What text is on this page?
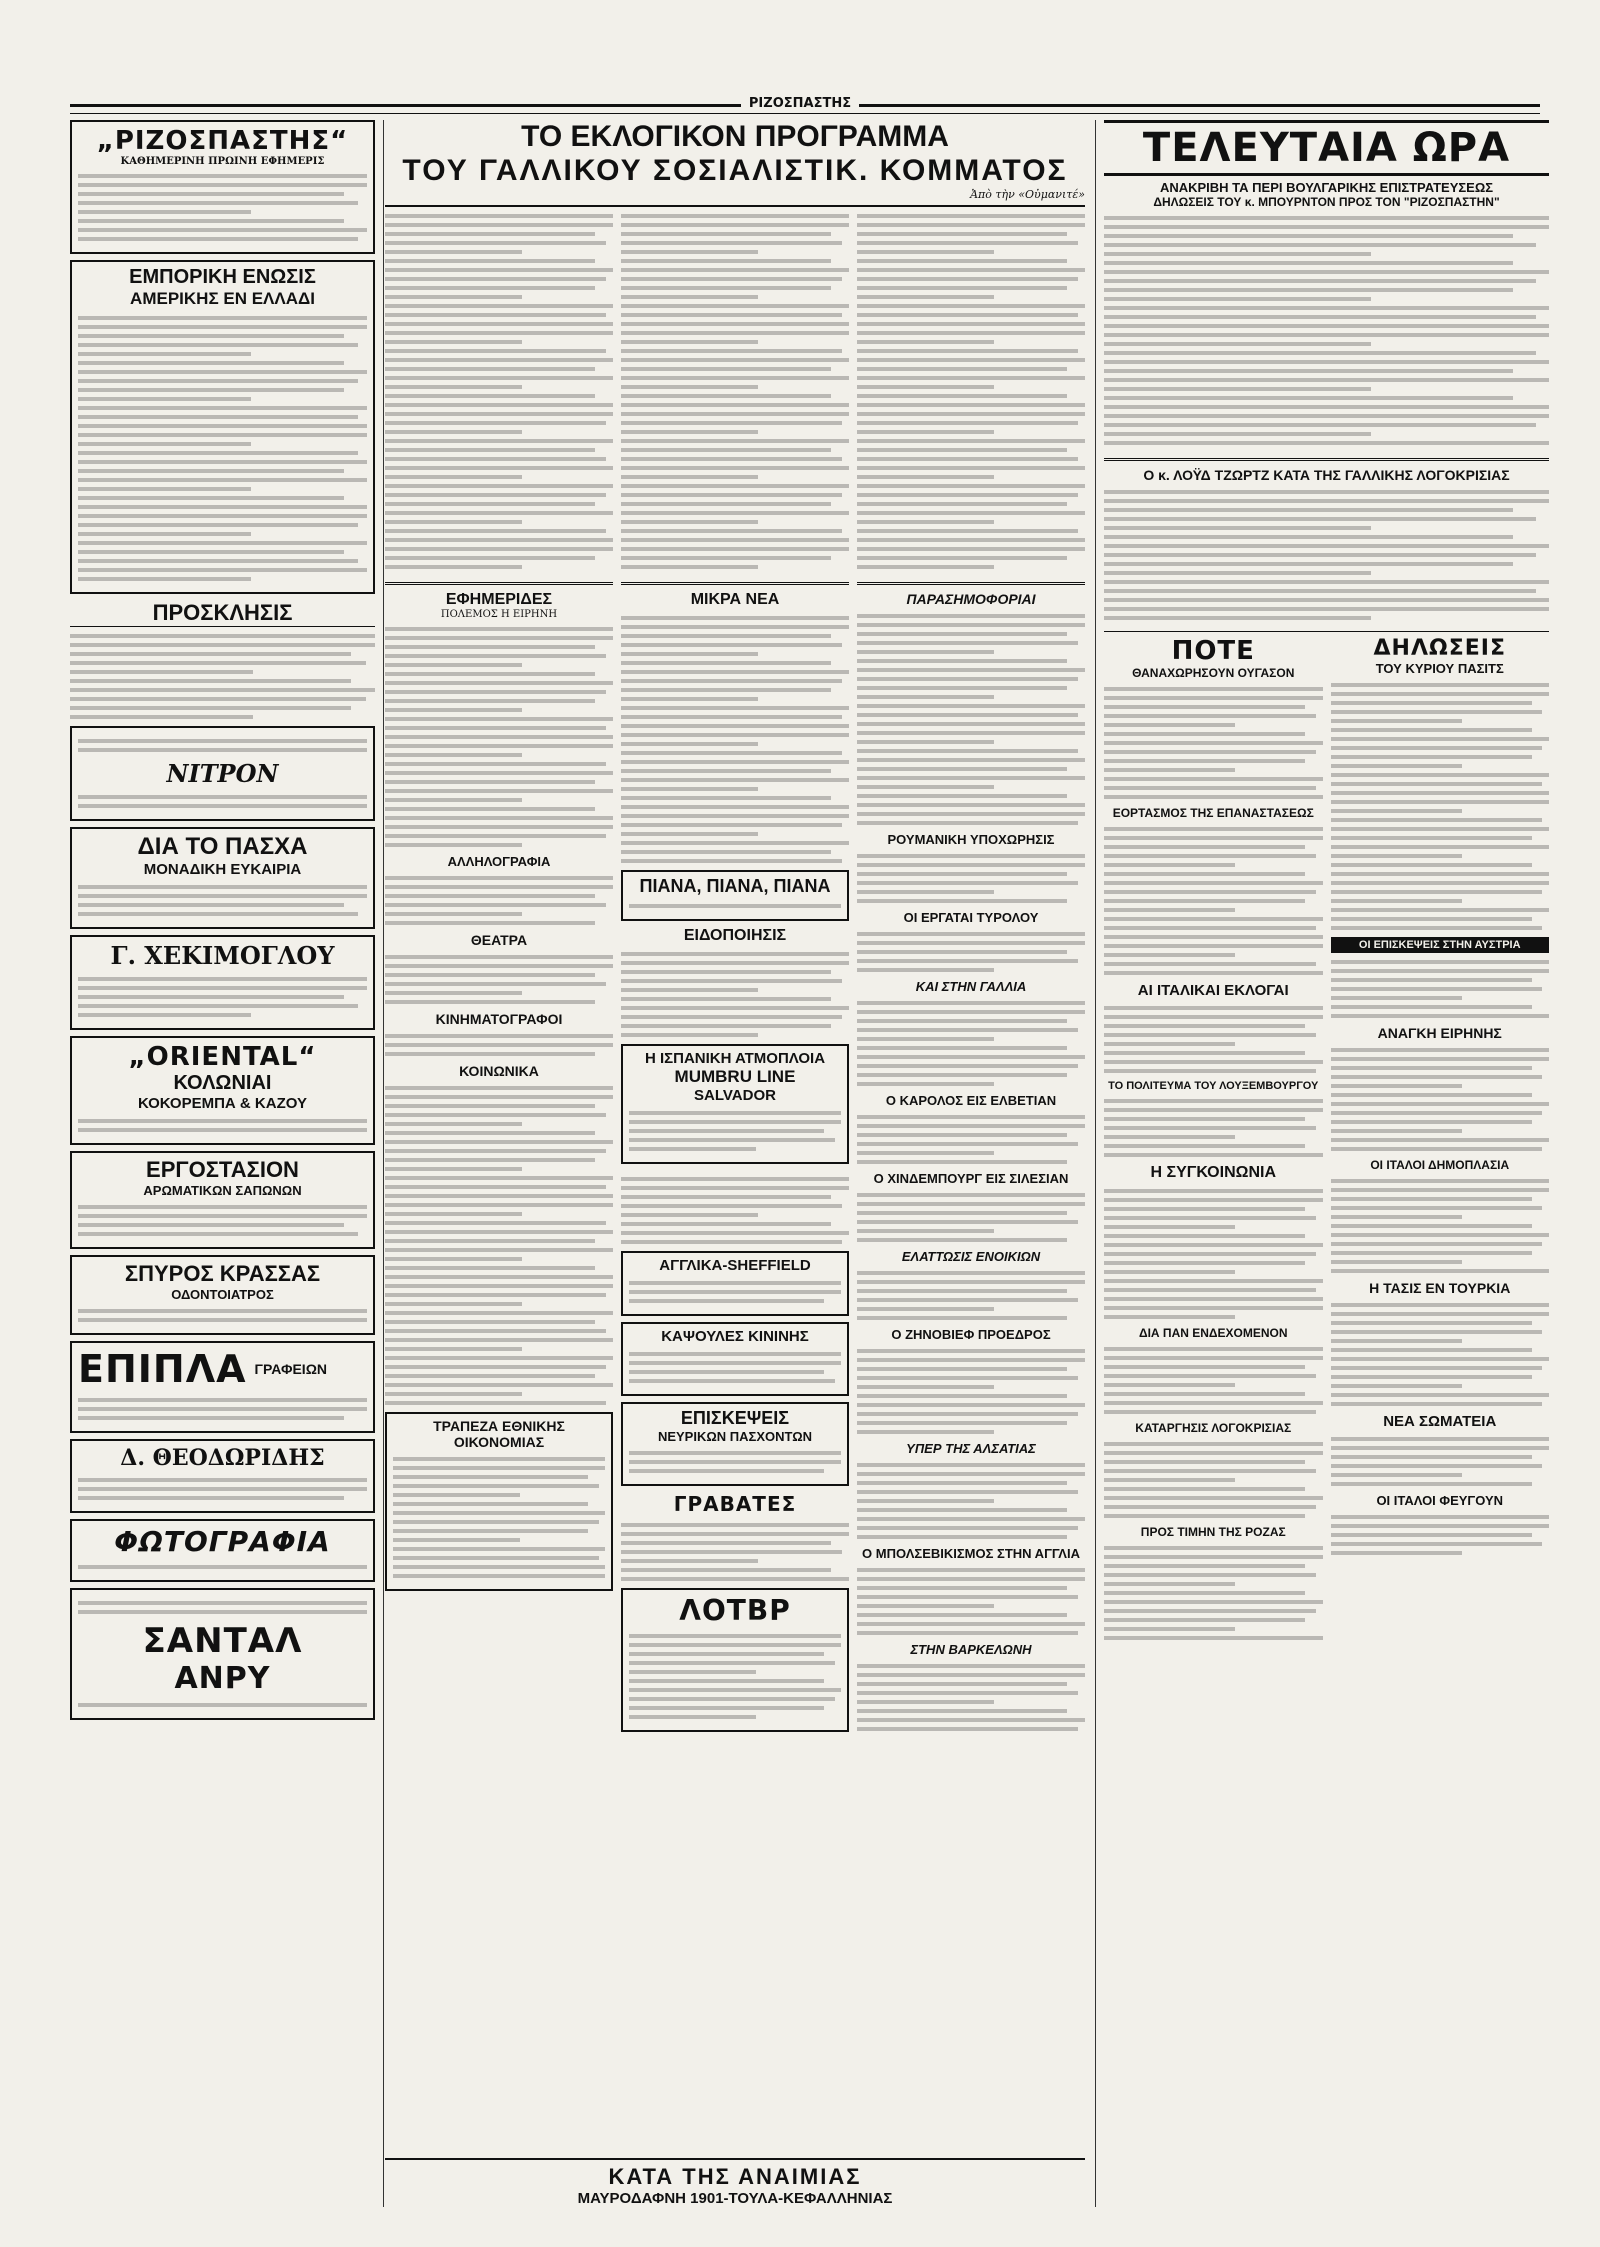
ΡΙΖΟΣΠΑΣΤΗΣ
„ΡΙΖΟΣΠΑΣΤΗΣ“
ΚΑΘΗΜΕΡΙΝΗ ΠΡΩΙΝΗ ΕΦΗΜΕΡΙΣ
ΕΜΠΟΡΙΚΗ ΕΝΩΣΙΣ
ΑΜΕΡΙΚΗΣ ΕΝ ΕΛΛΑΔΙ
ΠΡΟΣΚΛΗΣΙΣ
ΝΙΤΡΟΝ
ΔΙΑ ΤΟ ΠΑΣΧΑ
ΜΟΝΑΔΙΚΗ ΕΥΚΑΙΡΙΑ
Γ. ΧΕΚΙΜΟΓΛΟΥ
„ORIENTAL“
ΚΟΛΩΝΙΑΙ
ΚΟΚΟΡΕΜΠΑ & ΚΑΖΟΥ
ΕΡΓΟΣΤΑΣΙΟΝ
ΑΡΩΜΑΤΙΚΩΝ ΣΑΠΩΝΩΝ
ΣΠΥΡΟΣ ΚΡΑΣΣΑΣ
ΟΔΟΝΤΟΙΑΤΡΟΣ
ΕΠΙΠΛΑ ΓΡΑΦΕΙΩΝ
Δ. ΘΕΟΔΩΡΙΔΗΣ
ΦΩΤΟΓΡΑΦΙΑ
ΣΑΝΤΑΛ
ΑΝΡΥ
ΤΟ ΕΚΛΟΓΙΚΟΝ ΠΡΟΓΡΑΜΜΑ
ΤΟΥ ΓΑΛΛΙΚΟΥ ΣΟΣΙΑΛΙΣΤΙΚ. ΚΟΜΜΑΤΟΣ
Ἀπὸ τὴν «Οὐμανιτέ»
ΕΦΗΜΕΡΙΔΕΣ
ΠΟΛΕΜΟΣ Η ΕΙΡΗΝΗ
ΑΛΛΗΛΟΓΡΑΦΙΑ
ΘΕΑΤΡΑ
ΚΙΝΗΜΑΤΟΓΡΑΦΟΙ
ΚΟΙΝΩΝΙΚΑ
ΤΡΑΠΕΖΑ ΕΘΝΙΚΗΣ ΟΙΚΟΝΟΜΙΑΣ
ΜΙΚΡΑ ΝΕΑ
ΠΙΑΝΑ, ΠΙΑΝΑ, ΠΙΑΝΑ
ΕΙΔΟΠΟΙΗΣΙΣ
Η ΙΣΠΑΝΙΚΗ ΑΤΜΟΠΛΟΙΑ
MUMBRU LINE
SALVADOR
ΑΓΓΛΙΚΑ-SHEFFIELD
ΚΑΨΟΥΛΕΣ ΚΙΝΙΝΗΣ
ΕΠΙΣΚΕΨΕΙΣ
ΝΕΥΡΙΚΩΝ ΠΑΣΧΟΝΤΩΝ
ΓΡΑΒΑΤΕΣ
ΛΟΤΒΡ
ΠΑΡΑΣΗΜΟΦΟΡΙΑΙ
ΡΟΥΜΑΝΙΚΗ ΥΠΟΧΩΡΗΣΙΣ
ΟΙ ΕΡΓΑΤΑΙ ΤΥΡΟΛΟΥ
ΚΑΙ ΣΤΗΝ ΓΑΛΛΙΑ
Ο ΚΑΡΟΛΟΣ ΕΙΣ ΕΛΒΕΤΙΑΝ
Ο ΧΙΝΔΕΜΠΟΥΡΓ ΕΙΣ ΣΙΛΕΣΙΑΝ
ΕΛΑΤΤΩΣΙΣ ΕΝΟΙΚΙΩΝ
Ο ΖΗΝΟΒΙΕΦ ΠΡΟΕΔΡΟΣ
ΥΠΕΡ ΤΗΣ ΑΛΣΑΤΙΑΣ
Ο ΜΠΟΛΣΕΒΙΚΙΣΜΟΣ ΣΤΗΝ ΑΓΓΛΙΑ
ΣΤΗΝ ΒΑΡΚΕΛΩΝΗ
ΚΑΤΑ ΤΗΣ ΑΝΑΙΜΙΑΣ
ΜΑΥΡΟΔΑΦΝΗ 1901-ΤΟΥΛΑ-ΚΕΦΑΛΛΗΝΙΑΣ
ΤΕΛΕΥΤΑΙΑ ΩΡΑ
ΑΝΑΚΡΙΒΗ ΤΑ ΠΕΡΙ ΒΟΥΛΓΑΡΙΚΗΣ ΕΠΙΣΤΡΑΤΕΥΣΕΩΣ
ΔΗΛΩΣΕΙΣ ΤΟΥ κ. ΜΠΟΥΡΝΤΟΝ ΠΡΟΣ ΤΟΝ "ΡΙΖΟΣΠΑΣΤΗΝ"
Ο κ. ΛΟΫΔ ΤΖΩΡΤΖ ΚΑΤΑ ΤΗΣ ΓΑΛΛΙΚΗΣ ΛΟΓΟΚΡΙΣΙΑΣ
ΠΟΤΕ
ΘΑΝΑΧΩΡΗΣΟΥΝ ΟΥΓΑΣΟΝ
ΕΟΡΤΑΣΜΟΣ ΤΗΣ ΕΠΑΝΑΣΤΑΣΕΩΣ
ΑΙ ΙΤΑΛΙΚΑΙ ΕΚΛΟΓΑΙ
ΤΟ ΠΟΛΙΤΕΥΜΑ ΤΟΥ ΛΟΥΞΕΜΒΟΥΡΓΟΥ
Η ΣΥΓΚΟΙΝΩΝΙΑ
ΔΙΑ ΠΑΝ ΕΝΔΕΧΟΜΕΝΟΝ
ΚΑΤΑΡΓΗΣΙΣ ΛΟΓΟΚΡΙΣΙΑΣ
ΠΡΟΣ ΤΙΜΗΝ ΤΗΣ ΡΟΖΑΣ
ΔΗΛΩΣΕΙΣ
ΤΟΥ ΚΥΡΙΟΥ ΠΑΣΙΤΣ
ΟΙ ΕΠΙΣΚΕΨΕΙΣ ΣΤΗΝ ΑΥΣΤΡΙΑ
ΑΝΑΓΚΗ ΕΙΡΗΝΗΣ
ΟΙ ΙΤΑΛΟΙ ΔΗΜΟΠΛΑΣΙΑ
Η ΤΑΣΙΣ ΕΝ ΤΟΥΡΚΙΑ
ΝΕΑ ΣΩΜΑΤΕΙΑ
ΟΙ ΙΤΑΛΟΙ ΦΕΥΓΟΥΝ
